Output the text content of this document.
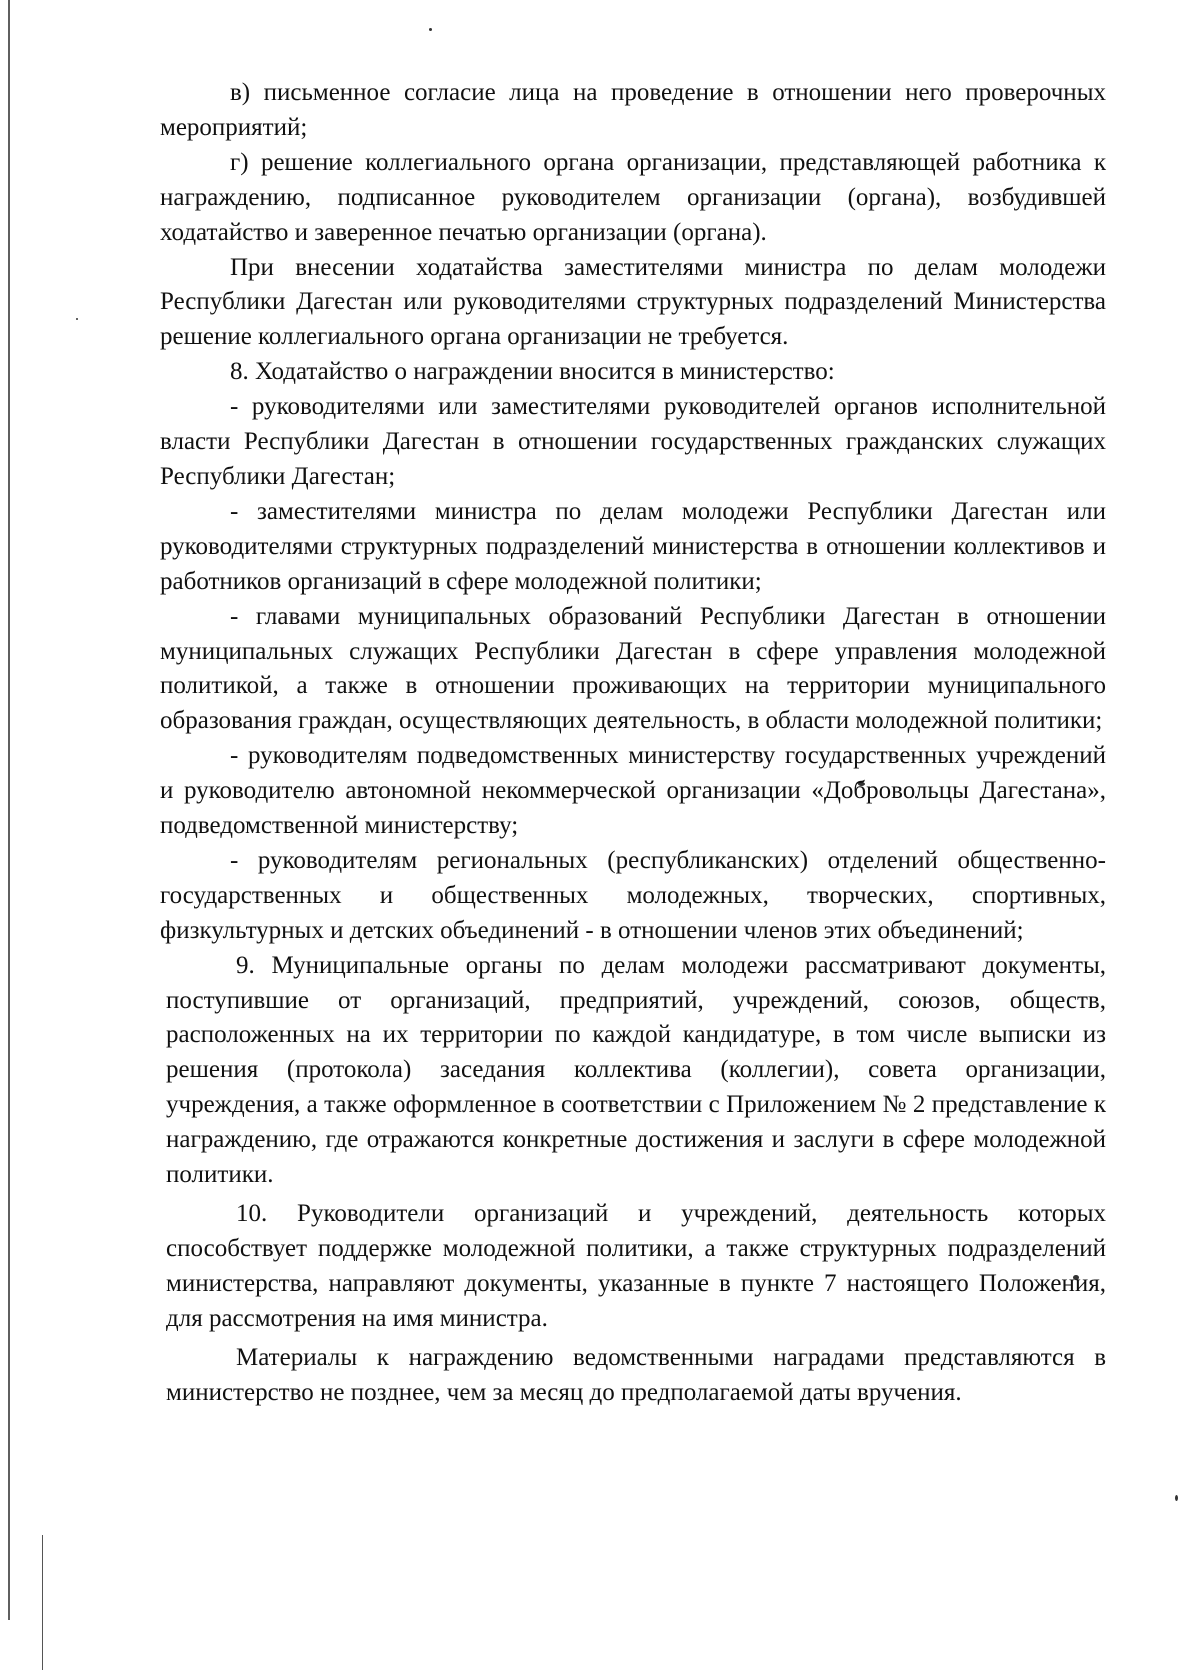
в) письменное согласие лица на проведение в отношении него проверочных мероприятий;

г) решение коллегиального органа организации, представляющей работника к награждению, подписанное руководителем организации (органа), возбудившей ходатайство и заверенное печатью организации (органа).

При внесении ходатайства заместителями министра по делам молодежи Республики Дагестан или руководителями структурных подразделений Министерства решение коллегиального органа организации не требуется.

8. Ходатайство о награждении вносится в министерство:

- руководителями или заместителями руководителей органов исполнительной власти Республики Дагестан в отношении государственных гражданских служащих Республики Дагестан;

- заместителями министра по делам молодежи Республики Дагестан или руководителями структурных подразделений министерства в отношении коллективов и работников организаций в сфере молодежной политики;

- главами муниципальных образований Республики Дагестан в отношении муниципальных служащих Республики Дагестан в сфере управления молодежной политикой, а также в отношении проживающих на территории муниципального образования граждан, осуществляющих деятельность, в области молодежной политики;

- руководителям подведомственных министерству государственных учреждений и руководителю автономной некоммерческой организации «Добровольцы Дагестана», подведомственной министерству;

- руководителям региональных (республиканских) отделений общественно-государственных и общественных молодежных, творческих, спортивных, физкультурных и детских объединений - в отношении членов этих объединений;

9. Муниципальные органы по делам молодежи рассматривают документы, поступившие от организаций, предприятий, учреждений, союзов, обществ, расположенных на их территории по каждой кандидатуре, в том числе выписки из решения (протокола) заседания коллектива (коллегии), совета организации, учреждения, а также оформленное в соответствии с Приложением № 2 представление к награждению, где отражаются конкретные достижения и заслуги в сфере молодежной политики.

10. Руководители организаций и учреждений, деятельность которых способствует поддержке молодежной политики, а также структурных подразделений министерства, направляют документы, указанные в пункте 7 настоящего Положения, для рассмотрения на имя министра.

Материалы к награждению ведомственными наградами представляются в министерство не позднее, чем за месяц до предполагаемой даты вручения.
